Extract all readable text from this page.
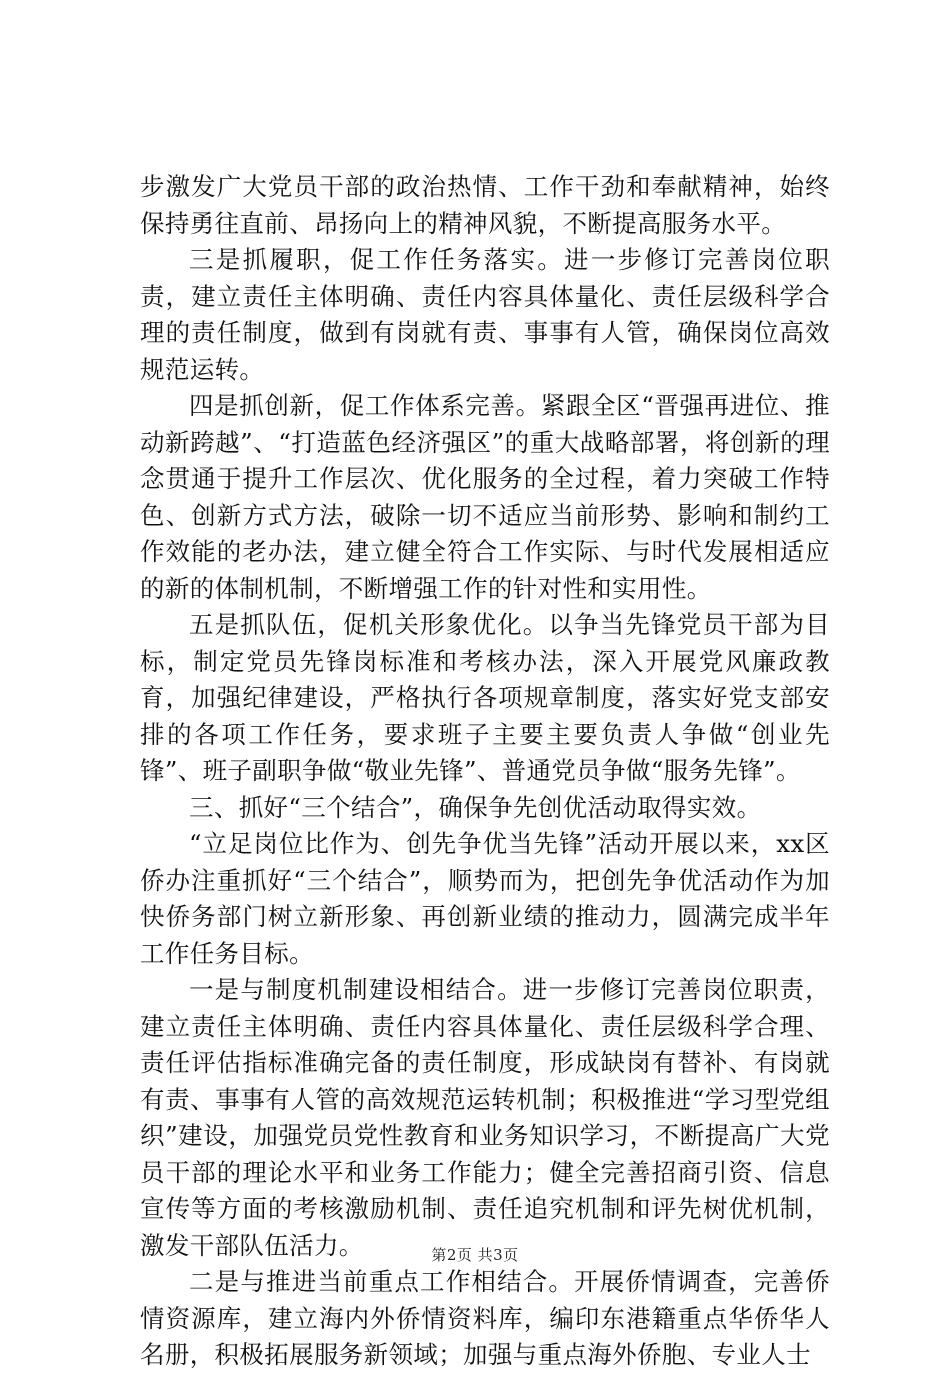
步激发广大党员干部的政治热情、工作干劲和奉献精神，始终保持勇往直前、昂扬向上的精神风貌，不断提高服务水平。

三是抓履职，促工作任务落实。进一步修订完善岗位职责，建立责任主体明确、责任内容具体量化、责任层级科学合理的责任制度，做到有岗就有责、事事有人管，确保岗位高效规范运转。

四是抓创新，促工作体系完善。紧跟全区“晋强再进位、推动新跨越”、“打造蓝色经济强区”的重大战略部署，将创新的理念贯通于提升工作层次、优化服务的全过程，着力突破工作特色、创新方式方法，破除一切不适应当前形势、影响和制约工作效能的老办法，建立健全符合工作实际、与时代发展相适应的新的体制机制，不断增强工作的针对性和实用性。

五是抓队伍，促机关形象优化。以争当先锋党员干部为目标，制定党员先锋岗标准和考核办法，深入开展党风廉政教育，加强纪律建设，严格执行各项规章制度，落实好党支部安排的各项工作任务，要求班子主要主要负责人争做“创业先锋”、班子副职争做“敬业先锋”、普通党员争做“服务先锋”。

三、抓好“三个结合”，确保争先创优活动取得实效。

“立足岗位比作为、创先争优当先锋”活动开展以来，xx区侨办注重抓好“三个结合”，顺势而为，把创先争优活动作为加快侨务部门树立新形象、再创新业绩的推动力，圆满完成半年工作任务目标。

一是与制度机制建设相结合。进一步修订完善岗位职责，建立责任主体明确、责任内容具体量化、责任层级科学合理、责任评估指标准确完备的责任制度，形成缺岗有替补、有岗就有责、事事有人管的高效规范运转机制；积极推进“学习型党组织”建设，加强党员党性教育和业务知识学习，不断提高广大党员干部的理论水平和业务工作能力；健全完善招商引资、信息宣传等方面的考核激励机制、责任追究机制和评先树优机制，激发干部队伍活力。

二是与推进当前重点工作相结合。开展侨情调查，完善侨情资源库，建立海内外侨情资料库，编印东港籍重点华侨华人名册，积极拓展服务新领域；加强与重点海外侨胞、专业人士

第2页 共3页
